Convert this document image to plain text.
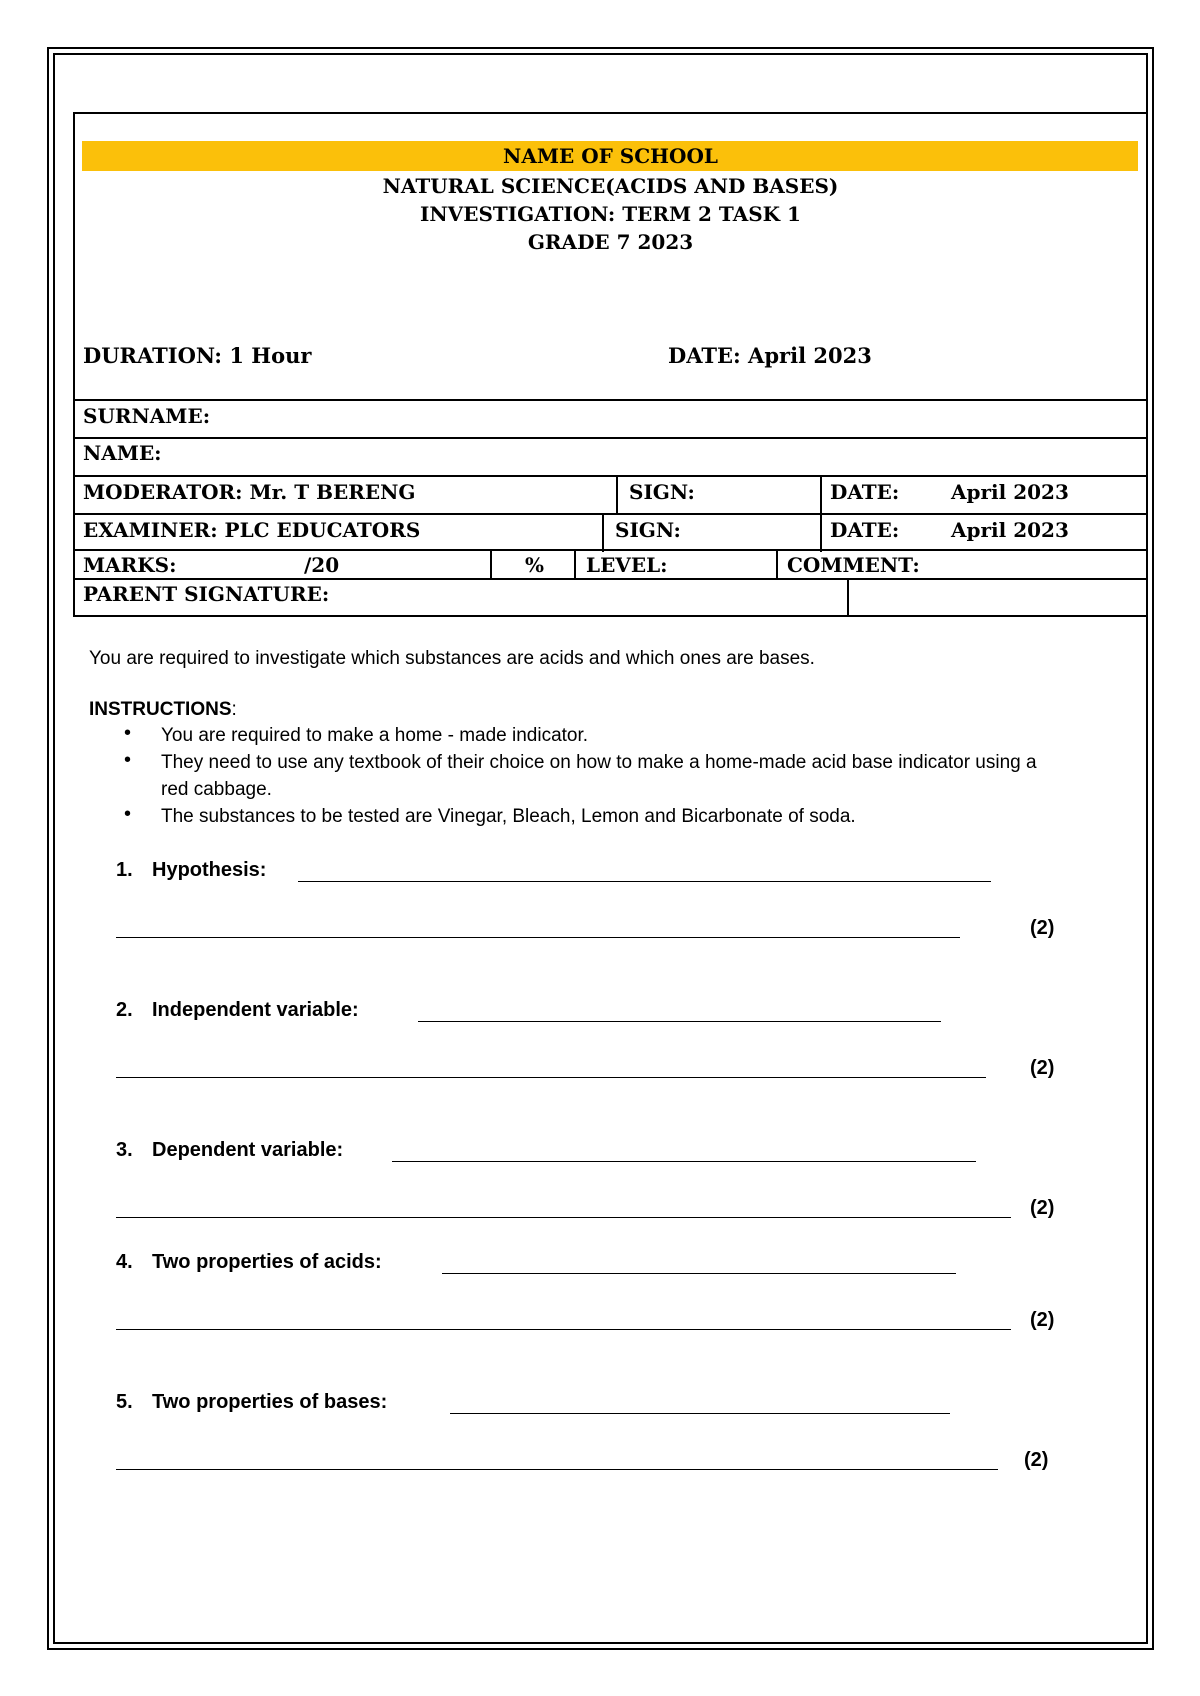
NAME OF SCHOOL
NATURAL SCIENCE(ACIDS AND BASES)
INVESTIGATION: TERM 2 TASK 1
GRADE 7 2023
DURATION: 1 Hour	DATE: April 2023
SURNAME:
NAME:
MODERATOR: Mr. T BERENG	SIGN:	DATE:	April 2023
EXAMINER: PLC EDUCATORS	SIGN:	DATE:	April 2023
MARKS:	/20	% LEVEL:	COMMENT:
PARENT SIGNATURE:
You are required to investigate which substances are acids and which ones are bases.
INSTRUCTIONS:
• You are required to make a home - made indicator.
• They need to use any textbook of their choice on how to make a home-made acid base indicator using a red cabbage.
• The substances to be tested are Vinegar, Bleach, Lemon and Bicarbonate of soda.
1. Hypothesis:
(2)
2. Independent variable:
(2)
3. Dependent variable:
(2)
4. Two properties of acids:
(2)
5. Two properties of bases:
(2)
